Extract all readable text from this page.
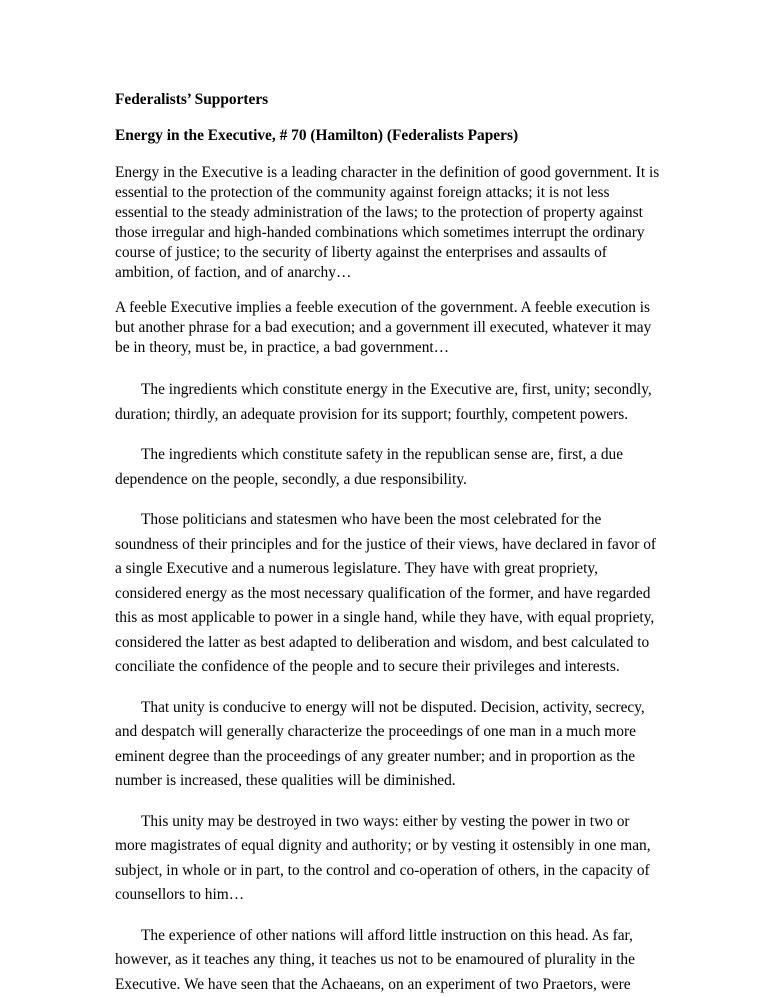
Federalists’ Supporters

Energy in the Executive, # 70 (Hamilton) (Federalists Papers)

Energy in the Executive is a leading character in the definition of good government. It is essential to the protection of the community against foreign attacks; it is not less essential to the steady administration of the laws; to the protection of property against those irregular and high-handed combinations which sometimes interrupt the ordinary course of justice; to the security of liberty against the enterprises and assaults of ambition, of faction, and of anarchy…

A feeble Executive implies a feeble execution of the government. A feeble execution is but another phrase for a bad execution; and a government ill executed, whatever it may be in theory, must be, in practice, a bad government…

The ingredients which constitute energy in the Executive are, first, unity; secondly, duration; thirdly, an adequate provision for its support; fourthly, competent powers.

The ingredients which constitute safety in the republican sense are, first, a due dependence on the people, secondly, a due responsibility.

Those politicians and statesmen who have been the most celebrated for the soundness of their principles and for the justice of their views, have declared in favor of a single Executive and a numerous legislature. They have with great propriety, considered energy as the most necessary qualification of the former, and have regarded this as most applicable to power in a single hand, while they have, with equal propriety, considered the latter as best adapted to deliberation and wisdom, and best calculated to conciliate the confidence of the people and to secure their privileges and interests.

That unity is conducive to energy will not be disputed. Decision, activity, secrecy, and despatch will generally characterize the proceedings of one man in a much more eminent degree than the proceedings of any greater number; and in proportion as the number is increased, these qualities will be diminished.

This unity may be destroyed in two ways: either by vesting the power in two or more magistrates of equal dignity and authority; or by vesting it ostensibly in one man, subject, in whole or in part, to the control and co-operation of others, in the capacity of counsellors to him…

The experience of other nations will afford little instruction on this head. As far, however, as it teaches any thing, it teaches us not to be enamoured of plurality in the Executive. We have seen that the Achaeans, on an experiment of two Praetors, were
